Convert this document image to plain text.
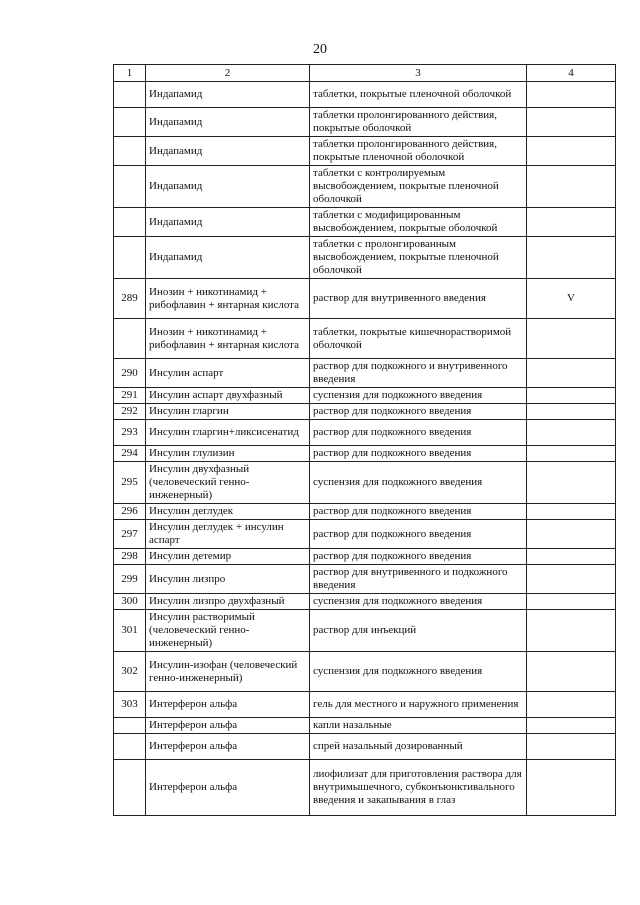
20
1	2	3	4
	Индапамид	таблетки, покрытые пленочной оболочкой	
	Индапамид	таблетки пролонгированного действия, покрытые оболочкой	
	Индапамид	таблетки пролонгированного действия, покрытые пленочной оболочкой	
	Индапамид	таблетки с контролируемым высвобождением, покрытые пленочной оболочкой	
	Индапамид	таблетки с модифицированным высвобождением, покрытые оболочкой	
	Индапамид	таблетки с пролонгированным высвобождением, покрытые пленочной оболочкой	
289	Инозин + никотинамид + рибофлавин + янтарная кислота	раствор для внутривенного введения	V
	Инозин + никотинамид + рибофлавин + янтарная кислота	таблетки, покрытые кишечнорастворимой оболочкой	
290	Инсулин аспарт	раствор для подкожного и внутривенного введения	
291	Инсулин аспарт двухфазный	суспензия для подкожного введения	
292	Инсулин гларгин	раствор для подкожного введения	
293	Инсулин гларгин+ликсисенатид	раствор для подкожного введения	
294	Инсулин глулизин	раствор для подкожного введения	
295	Инсулин двухфазный (человеческий генно-инженерный)	суспензия для подкожного введения	
296	Инсулин деглудек	раствор для подкожного введения	
297	Инсулин деглудек + инсулин аспарт	раствор для подкожного введения	
298	Инсулин детемир	раствор для подкожного введения	
299	Инсулин лизпро	раствор для внутривенного и подкожного введения	
300	Инсулин лизпро двухфазный	суспензия для подкожного введения	
301	Инсулин растворимый (человеческий генно-инженерный)	раствор для инъекций	
302	Инсулин-изофан (человеческий генно-инженерный)	суспензия для подкожного введения	
303	Интерферон альфа	гель для местного и наружного применения	
	Интерферон альфа	капли назальные	
	Интерферон альфа	спрей назальный дозированный	
	Интерферон альфа	лиофилизат для приготовления раствора для внутримышечного, субконъюнктивального введения и закапывания в глаз	
